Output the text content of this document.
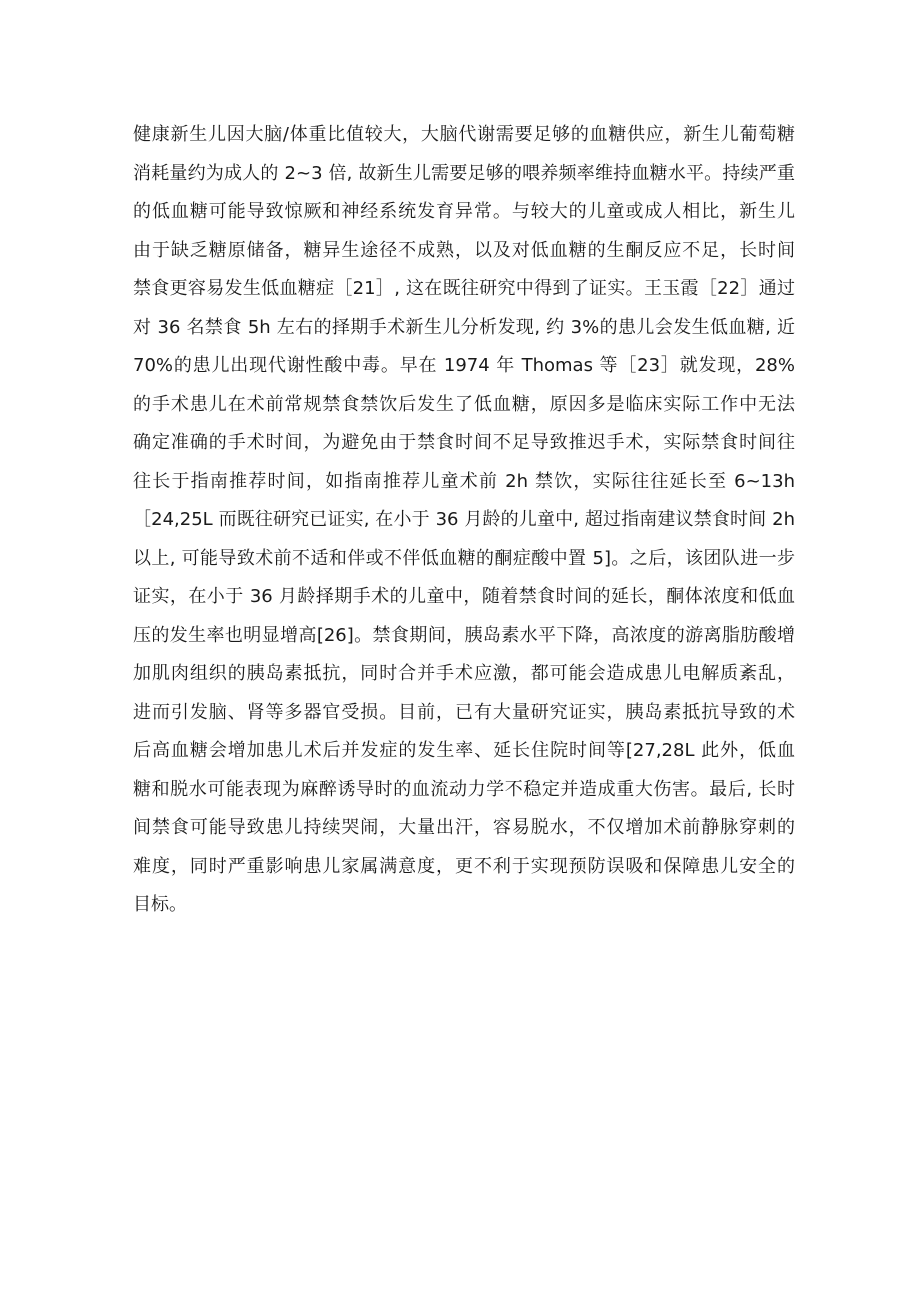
健康新生儿因大脑/体重比值较大，大脑代谢需要足够的血糖供应，新生儿葡萄糖
消耗量约为成人的 2~3 倍, 故新生儿需要足够的喂养频率维持血糖水平。持续严重
的低血糖可能导致惊厥和神经系统发育异常。与较大的儿童或成人相比，新生儿
由于缺乏糖原储备，糖异生途径不成熟，以及对低血糖的生酮反应不足，长时间
禁食更容易发生低血糖症［21］, 这在既往研究中得到了证实。王玉霞［22］通过
对 36 名禁食 5h 左右的择期手术新生儿分析发现, 约 3%的患儿会发生低血糖, 近
70%的患儿出现代谢性酸中毒。早在 1974 年 Thomas 等［23］就发现，28%
的手术患儿在术前常规禁食禁饮后发生了低血糖，原因多是临床实际工作中无法
确定准确的手术时间，为避免由于禁食时间不足导致推迟手术，实际禁食时间往
往长于指南推荐时间，如指南推荐儿童术前 2h 禁饮，实际往往延长至 6~13h
［24,25L 而既往研究已证实, 在小于 36 月龄的儿童中, 超过指南建议禁食时间 2h
以上, 可能导致术前不适和伴或不伴低血糖的酮症酸中置 5]。之后，该团队进一步
证实，在小于 36 月龄择期手术的儿童中，随着禁食时间的延长，酮体浓度和低血
压的发生率也明显增高[26]。禁食期间，胰岛素水平下降，高浓度的游离脂肪酸增
加肌肉组织的胰岛素抵抗，同时合并手术应激，都可能会造成患儿电解质紊乱，
进而引发脑、肾等多器官受损。目前，已有大量研究证实，胰岛素抵抗导致的术
后高血糖会增加患儿术后并发症的发生率、延长住院时间等[27,28L 此外，低血
糖和脱水可能表现为麻醉诱导时的血流动力学不稳定并造成重大伤害。最后, 长时
间禁食可能导致患儿持续哭闹，大量出汗，容易脱水，不仅增加术前静脉穿刺的
难度，同时严重影响患儿家属满意度，更不利于实现预防误吸和保障患儿安全的
目标。
